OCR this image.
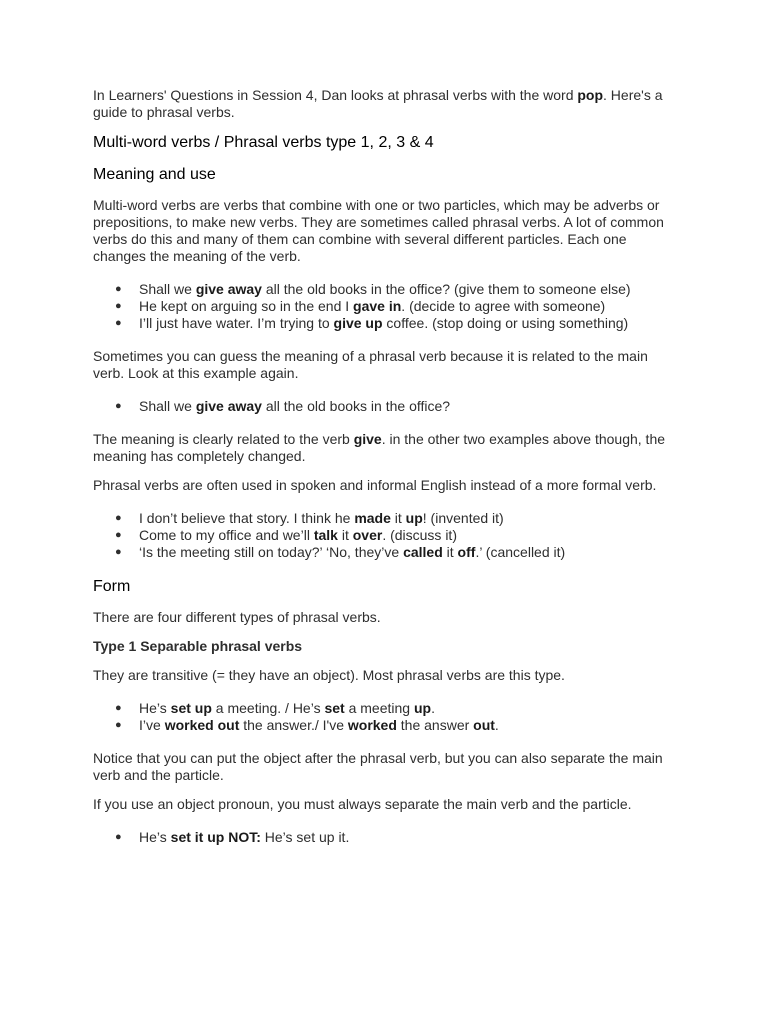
In Learners' Questions in Session 4, Dan looks at phrasal verbs with the word pop. Here's a guide to phrasal verbs.

Multi-word verbs / Phrasal verbs type 1, 2, 3 & 4
Meaning and use

Multi-word verbs are verbs that combine with one or two particles, which may be adverbs or prepositions, to make new verbs. They are sometimes called phrasal verbs. A lot of common verbs do this and many of them can combine with several different particles. Each one changes the meaning of the verb.

● Shall we give away all the old books in the office? (give them to someone else)
● He kept on arguing so in the end I gave in. (decide to agree with someone)
● I’ll just have water. I’m trying to give up coffee. (stop doing or using something)

Sometimes you can guess the meaning of a phrasal verb because it is related to the main verb. Look at this example again.

● Shall we give away all the old books in the office?

The meaning is clearly related to the verb give. in the other two examples above though, the meaning has completely changed.

Phrasal verbs are often used in spoken and informal English instead of a more formal verb.

● I don’t believe that story. I think he made it up! (invented it)
● Come to my office and we’ll talk it over. (discuss it)
● ‘Is the meeting still on today?’ ‘No, they’ve called it off.’ (cancelled it)
Form

There are four different types of phrasal verbs.

Type 1 Separable phrasal verbs

They are transitive (= they have an object). Most phrasal verbs are this type.

● He’s set up a meeting. / He’s set a meeting up.
● I’ve worked out the answer./ I've worked the answer out.

Notice that you can put the object after the phrasal verb, but you can also separate the main verb and the particle.

If you use an object pronoun, you must always separate the main verb and the particle.

● He’s set it up NOT: He’s set up it.
